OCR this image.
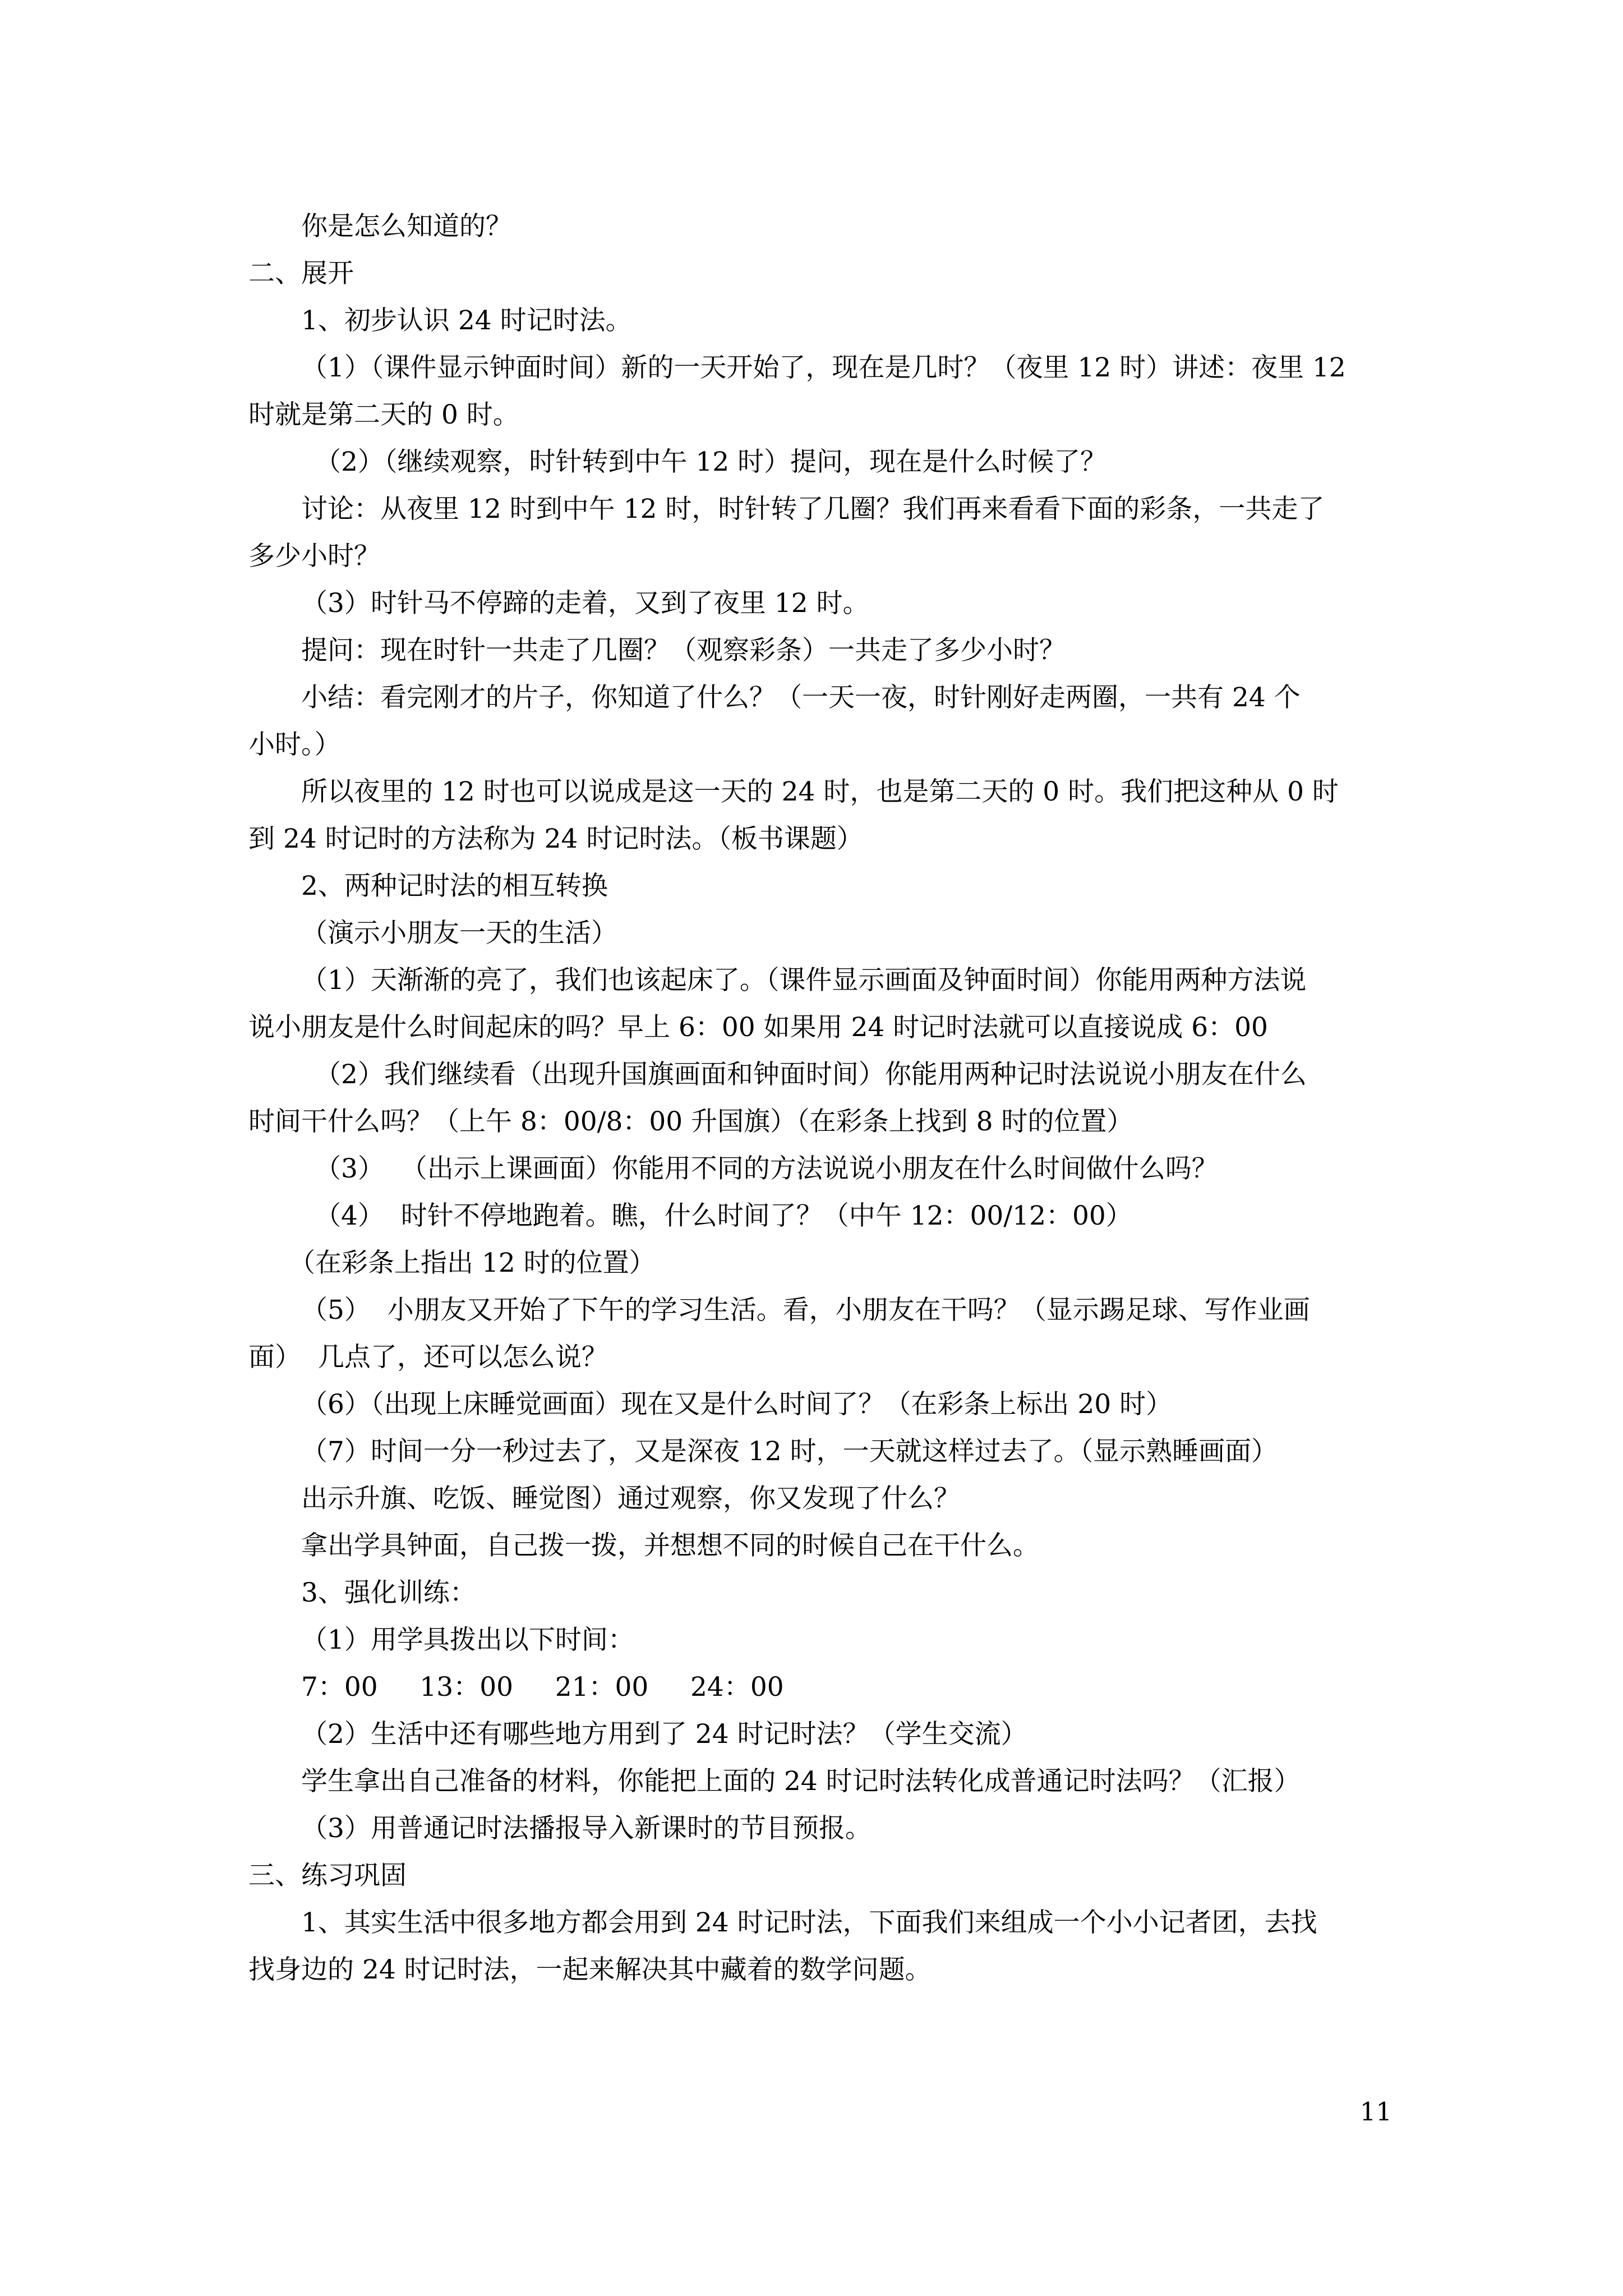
你是怎么知道的？
二、展开
1、初步认识 24 时记时法。
（1）（课件显示钟面时间）新的一天开始了，现在是几时？（夜里 12 时）讲述：夜里 12
时就是第二天的 0 时。
（2）（继续观察，时针转到中午 12 时）提问，现在是什么时候了？
讨论：从夜里 12 时到中午 12 时，时针转了几圈？我们再来看看下面的彩条，一共走了
多少小时？
（3）时针马不停蹄的走着，又到了夜里 12 时。
提问：现在时针一共走了几圈？（观察彩条）一共走了多少小时？
小结：看完刚才的片子，你知道了什么？（一天一夜，时针刚好走两圈，一共有 24 个
小时。）
所以夜里的 12 时也可以说成是这一天的 24 时，也是第二天的 0 时。我们把这种从 0 时
到 24 时记时的方法称为 24 时记时法。（板书课题）
2、两种记时法的相互转换
（演示小朋友一天的生活）
（1）天渐渐的亮了，我们也该起床了。（课件显示画面及钟面时间）你能用两种方法说
说小朋友是什么时间起床的吗？早上 6：00 如果用 24 时记时法就可以直接说成 6：00
（2）我们继续看（出现升国旗画面和钟面时间）你能用两种记时法说说小朋友在什么
时间干什么吗？（上午 8：00/8：00 升国旗）（在彩条上找到 8 时的位置）
（3）  （出示上课画面）你能用不同的方法说说小朋友在什么时间做什么吗？
（4）  时针不停地跑着。瞧，什么时间了？（中午 12：00/12：00）
（在彩条上指出 12 时的位置）
（5）  小朋友又开始了下午的学习生活。看，小朋友在干吗？（显示踢足球、写作业画
面）  几点了，还可以怎么说？
（6）（出现上床睡觉画面）现在又是什么时间了？（在彩条上标出 20 时）
（7）时间一分一秒过去了，又是深夜 12 时，一天就这样过去了。（显示熟睡画面）
出示升旗、吃饭、睡觉图）通过观察，你又发现了什么？
拿出学具钟面，自己拨一拨，并想想不同的时候自己在干什么。
3、强化训练：
（1）用学具拨出以下时间：
7：00     13：00     21：00     24：00
（2）生活中还有哪些地方用到了 24 时记时法？（学生交流）
学生拿出自己准备的材料，你能把上面的 24 时记时法转化成普通记时法吗？（汇报）
（3）用普通记时法播报导入新课时的节目预报。
三、练习巩固
1、其实生活中很多地方都会用到 24 时记时法，下面我们来组成一个小小记者团，去找
找身边的 24 时记时法，一起来解决其中藏着的数学问题。
11
